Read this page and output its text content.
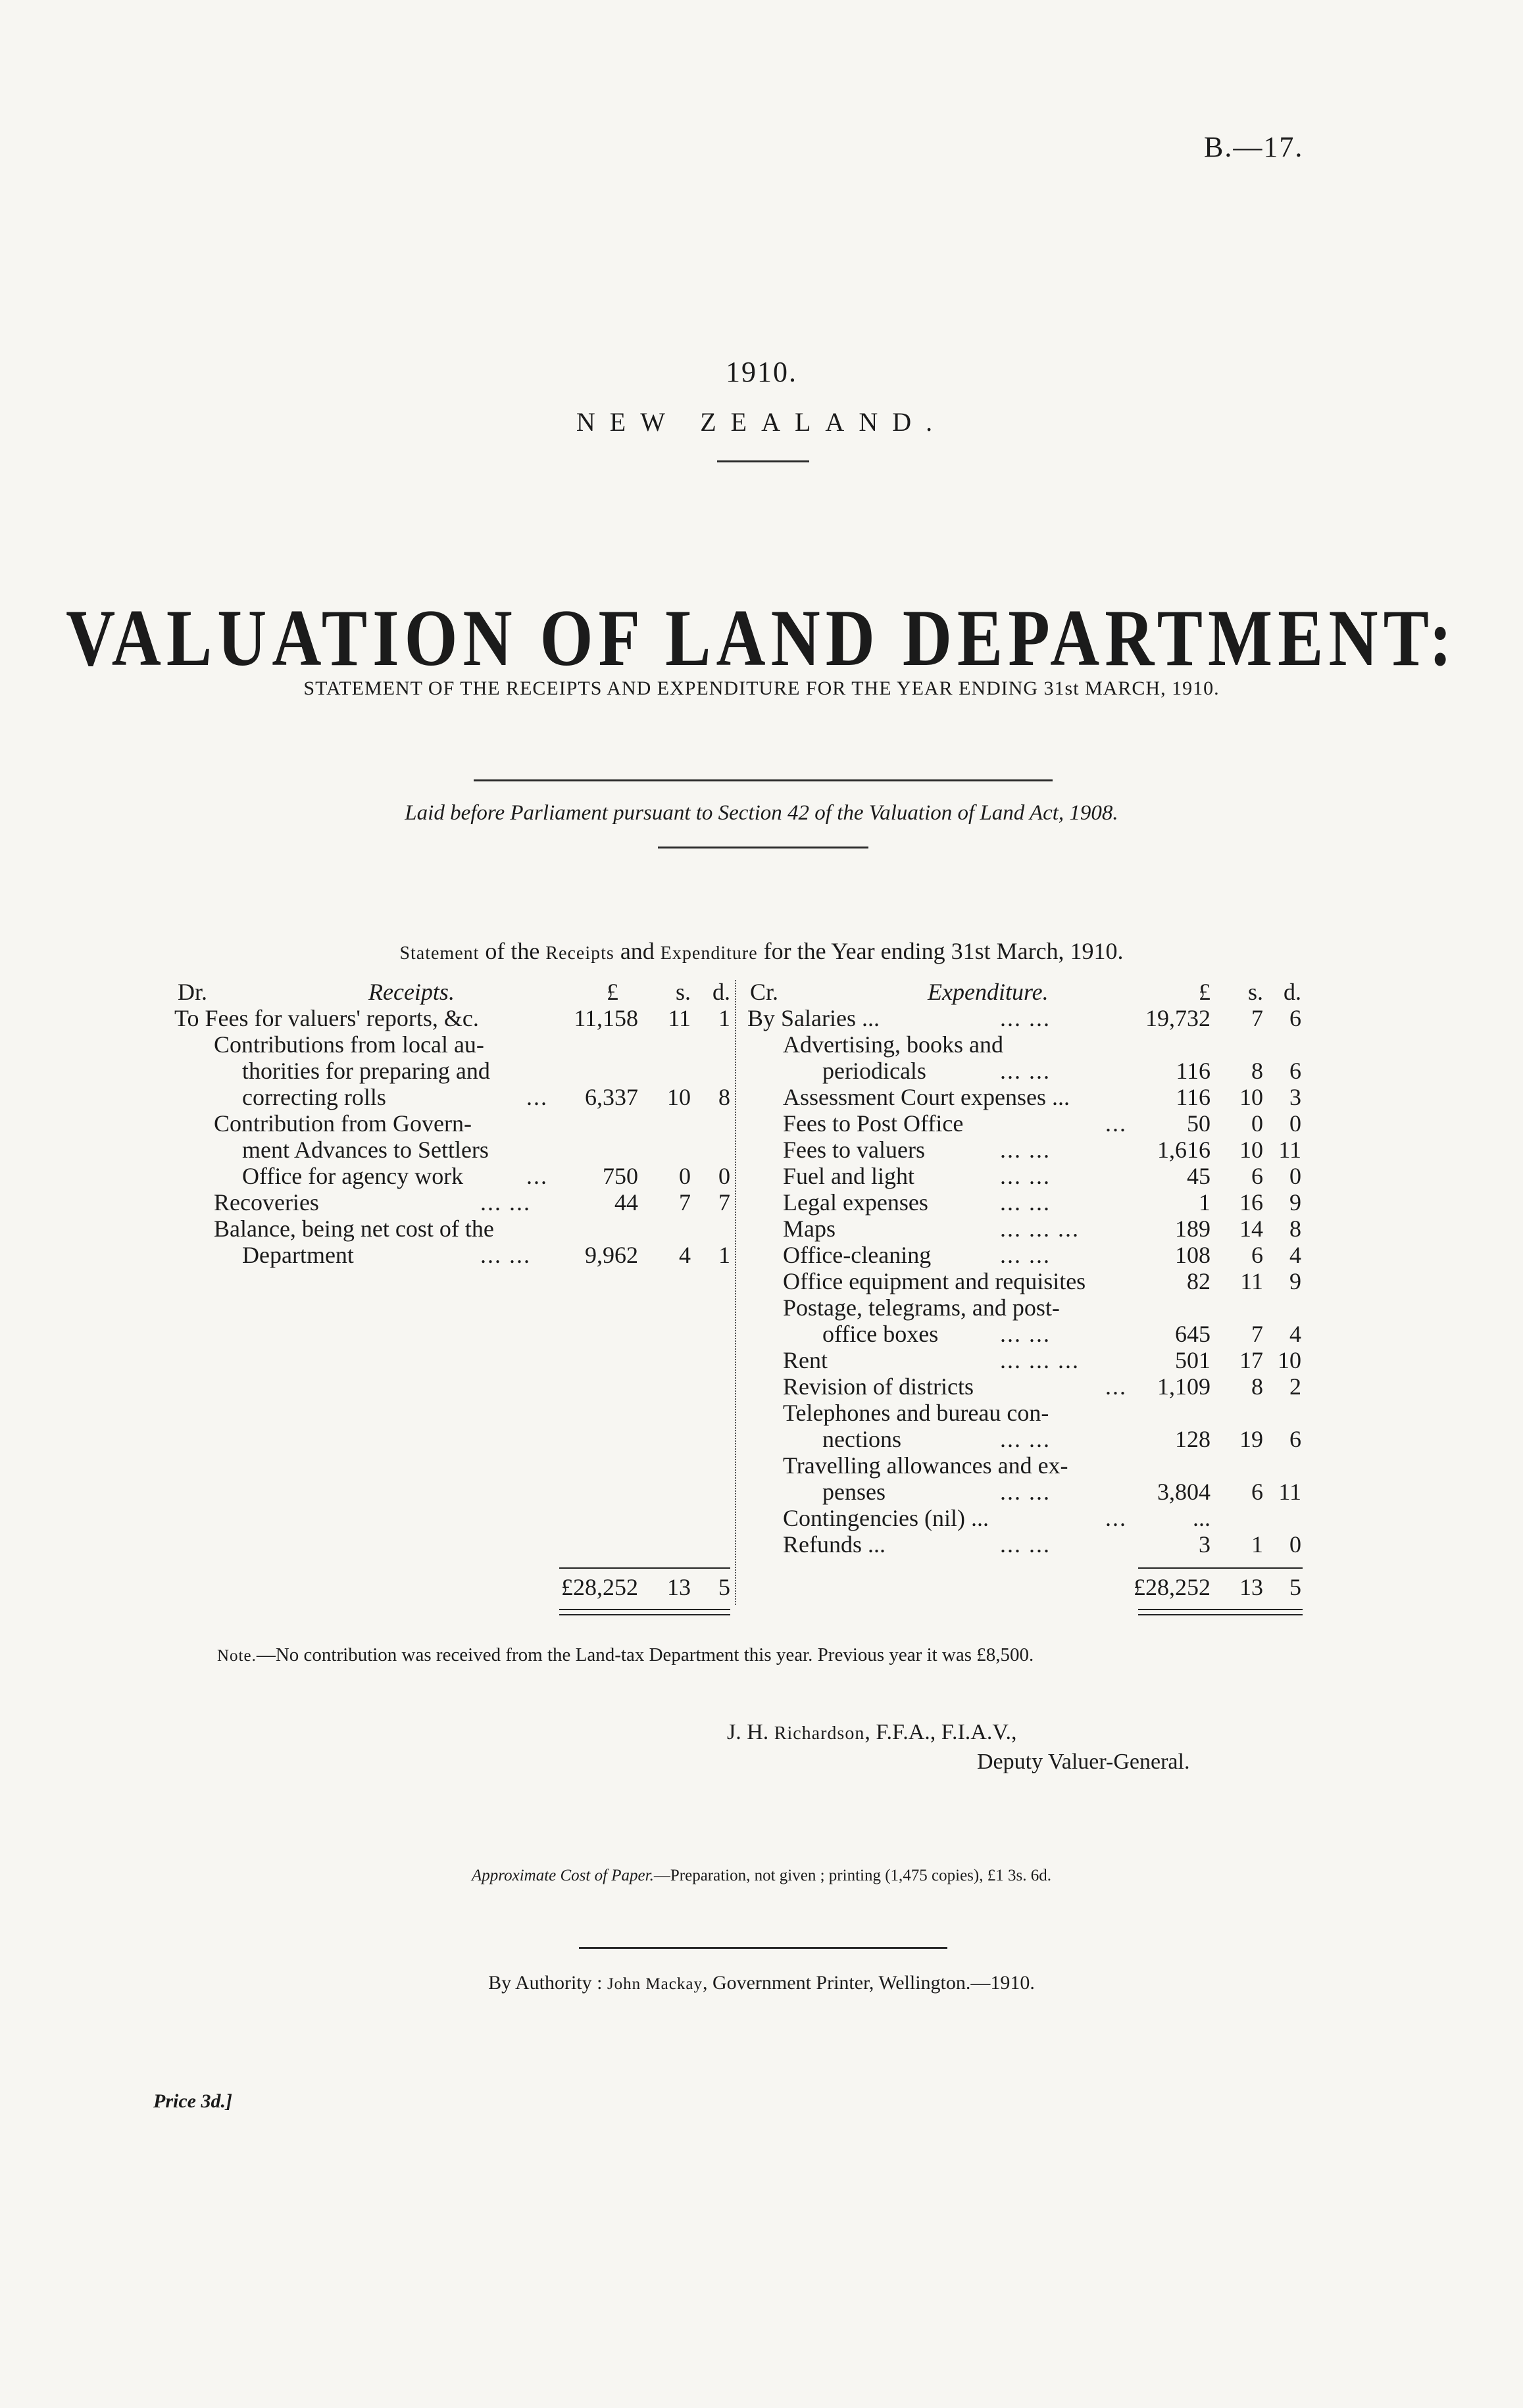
B.—17.
1910.
NEW ZEALAND.
VALUATION OF LAND DEPARTMENT:
STATEMENT OF THE RECEIPTS AND EXPENDITURE FOR THE YEAR ENDING 31st MARCH, 1910.
Laid before Parliament pursuant to Section 42 of the Valuation of Land Act, 1908.
Statement of the Receipts and Expenditure for the Year ending 31st March, 1910.
Dr.	Receipts.	£	s. d. Cr.	Expenditure.	£	s. d.
To Fees for valuers' reports, &c.	11,158	11	1
Contributions from local au-
thorities for preparing and
correcting rolls	...	6,337	10	8
Contribution from Govern-
ment Advances to Settlers
Office for agency work	...	750	0	0
Recoveries	... ...	44	7	7
Balance, being net cost of the
Department	... ...	9,962	4	1
By Salaries ...	... ...	19,732	7	6
Advertising, books and
periodicals	... ...	116	8	6
Assessment Court expenses ...	116	10	3
Fees to Post Office	...	50	0	0
Fees to valuers	... ...	1,616	10 11
Fuel and light	... ...	45	6	0
Legal expenses	... ...	1	16	9
Maps	... ... ...	189	14	8
Office-cleaning	... ...	108	6	4
Office equipment and requisites	82	11	9
Postage, telegrams, and post-
office boxes	... ...	645	7	4
Rent	... ... ...	501	17 10
Revision of districts	...	1,109	8	2
Telephones and bureau con-
nections	... ...	128	19	6
Travelling allowances and ex-
penses	... ...	3,804	6 11
Contingencies (nil) ...	...	...
Refunds ...	... ...	3	1	0
£28,252	13	5	£28,252	13	5
Note.—No contribution was received from the Land-tax Department this year. Previous year it was £8,500.
J. H. Richardson, F.F.A., F.I.A.V.,
Deputy Valuer-General.
Approximate Cost of Paper.—Preparation, not given ; printing (1,475 copies), £1 3s. 6d.
By Authority : John Mackay, Government Printer, Wellington.—1910.
Price 3d.]
